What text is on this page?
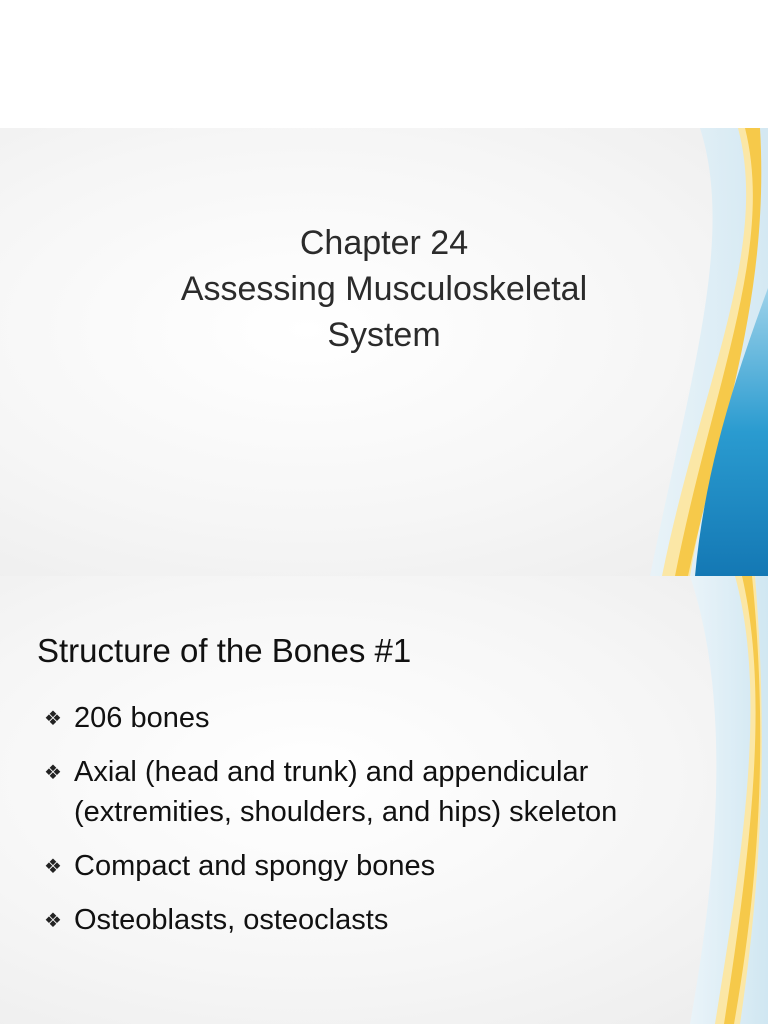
Chapter 24
Assessing Musculoskeletal
System
Structure of the Bones #1
❖ 206 bones
❖ Axial (head and trunk) and appendicular (extremities, shoulders, and hips) skeleton
❖ Compact and spongy bones
❖ Osteoblasts, osteoclasts
